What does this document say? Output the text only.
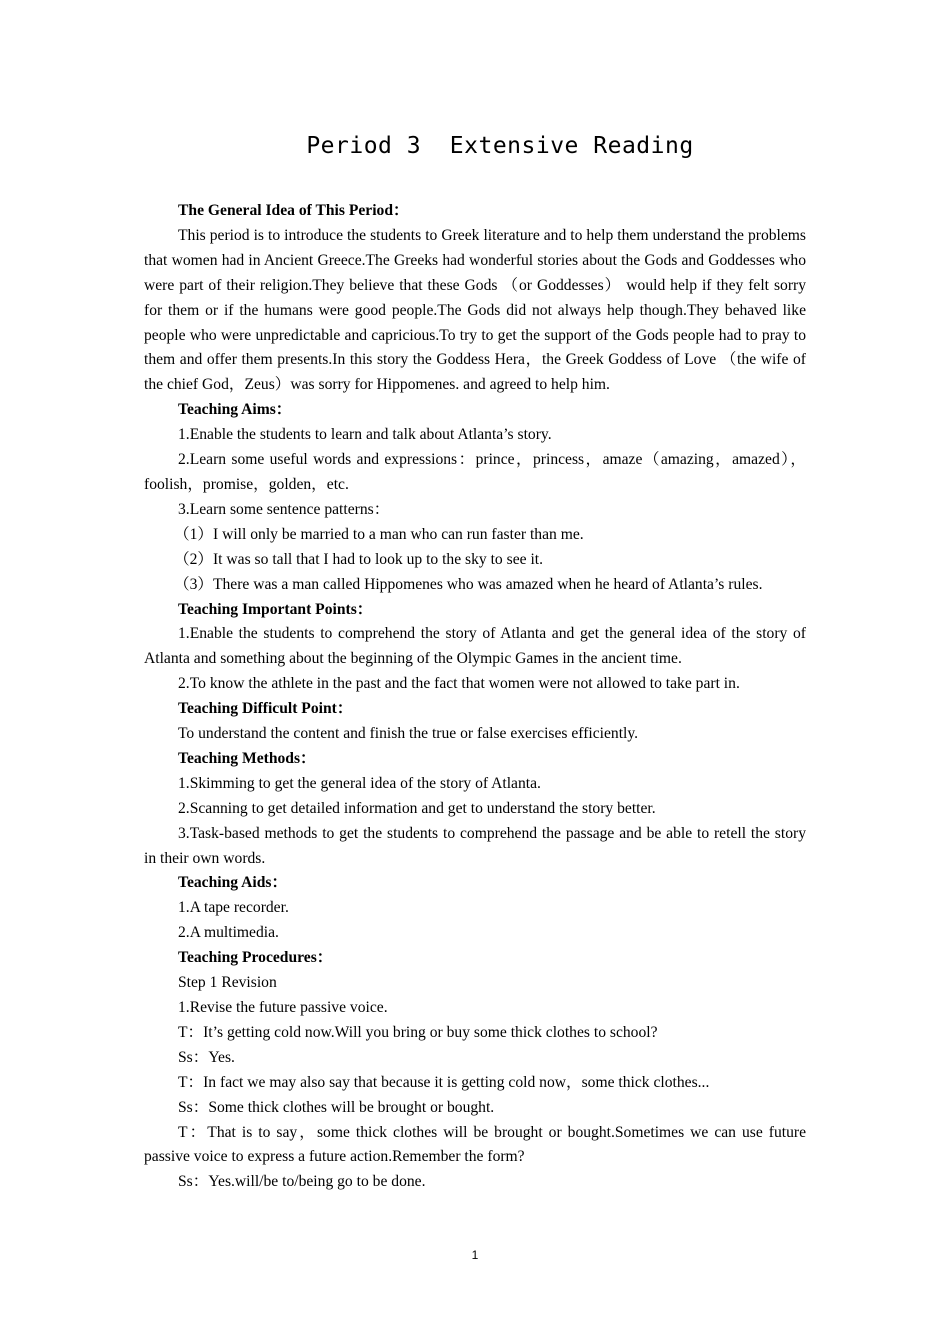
Period 3  Extensive Reading

The General Idea of This Period：

This period is to introduce the students to Greek literature and to help them understand the problems that women had in Ancient Greece.The Greeks had wonderful stories about the Gods and Goddesses who were part of their religion.They believe that these Gods （or Goddesses） would help if they felt sorry for them or if the humans were good people.The Gods did not always help though.They behaved like people who were unpredictable and capricious.To try to get the support of the Gods people had to pray to them and offer them presents.In this story the Goddess Hera，the Greek Goddess of Love （the wife of the chief God，Zeus）was sorry for Hippomenes. and agreed to help him.

Teaching Aims：

1.Enable the students to learn and talk about Atlanta’s story.

2.Learn some useful words and expressions：prince，princess，amaze（amazing，amazed），foolish，promise，golden，etc.

3.Learn some sentence patterns：

（1）I will only be married to a man who can run faster than me.

（2）It was so tall that I had to look up to the sky to see it.

（3）There was a man called Hippomenes who was amazed when he heard of Atlanta’s rules.

Teaching Important Points：

1.Enable the students to comprehend the story of Atlanta and get the general idea of the story of Atlanta and something about the beginning of the Olympic Games in the ancient time.

2.To know the athlete in the past and the fact that women were not allowed to take part in.

Teaching Difficult Point：

To understand the content and finish the true or false exercises efficiently.

Teaching Methods：

1.Skimming to get the general idea of the story of Atlanta.

2.Scanning to get detailed information and get to understand the story better.

3.Task-based methods to get the students to comprehend the passage and be able to retell the story in their own words.

Teaching Aids：

1.A tape recorder.

2.A multimedia.

Teaching Procedures：

Step 1 Revision

1.Revise the future passive voice.

T：It’s getting cold now.Will you bring or buy some thick clothes to school?

Ss：Yes.

T：In fact we may also say that because it is getting cold now，some thick clothes...

Ss：Some thick clothes will be brought or bought.

T：That is to say，some thick clothes will be brought or bought.Sometimes we can use future passive voice to express a future action.Remember the form?

Ss：Yes.will/be to/being go to be done.

1
